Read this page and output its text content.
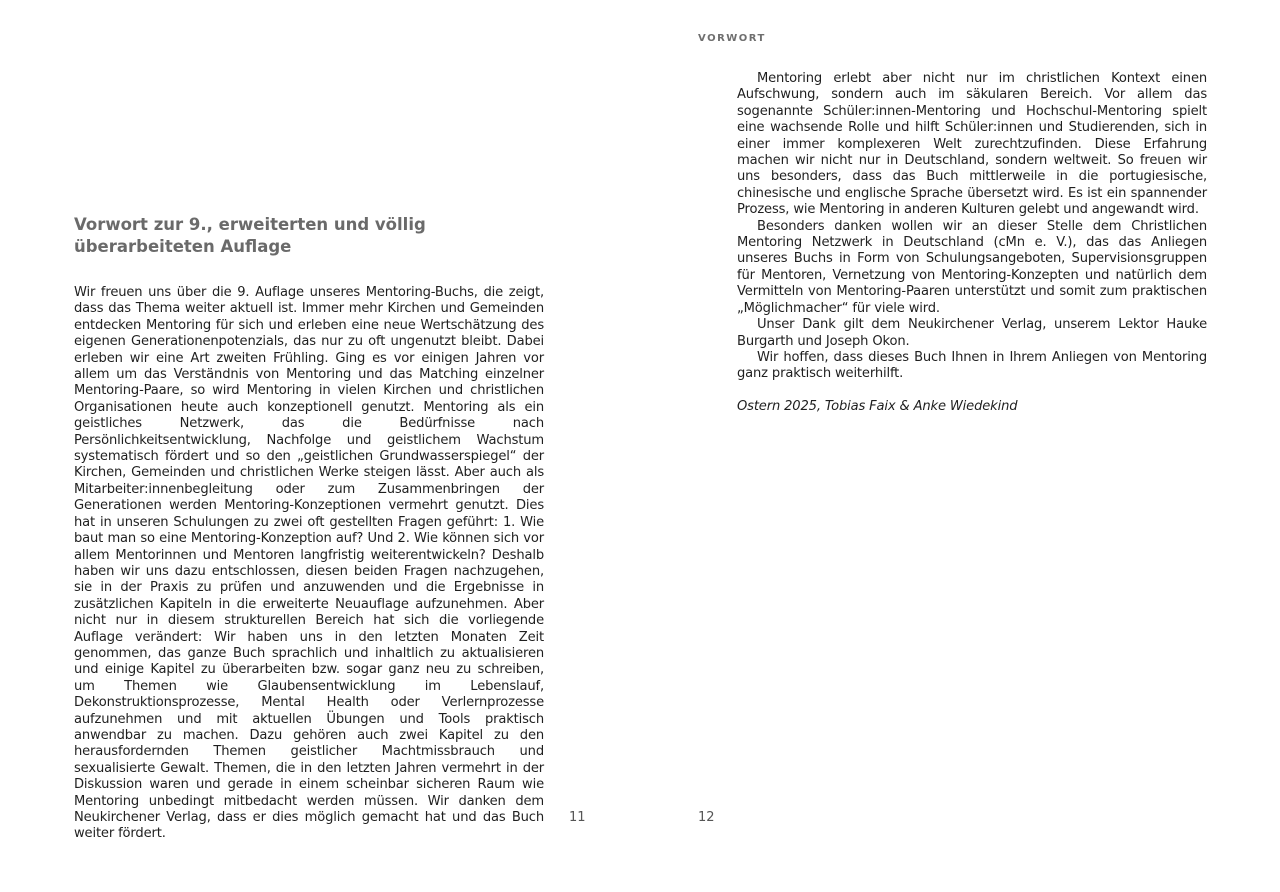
Vorwort zur 9., erweiterten und völlig überarbeiteten Auflage

Wir freuen uns über die 9. Auflage unseres Mentoring-Buchs, die zeigt, dass das Thema weiter aktuell ist. Immer mehr Kirchen und Gemeinden entdecken Mentoring für sich und erleben eine neue Wertschätzung des eigenen Generationenpotenzials, das nur zu oft ungenutzt bleibt. Dabei erleben wir eine Art zweiten Frühling. Ging es vor einigen Jahren vor allem um das Verständnis von Mentoring und das Matching einzelner Mentoring-Paare, so wird Mentoring in vielen Kirchen und christlichen Organisationen heute auch konzeptionell genutzt. Mentoring als ein geistliches Netzwerk, das die Bedürfnisse nach Persönlichkeitsentwicklung, Nachfolge und geistlichem Wachstum systematisch fördert und so den „geistlichen Grundwasserspiegel“ der Kirchen, Gemeinden und christlichen Werke steigen lässt. Aber auch als Mitarbeiter:innenbegleitung oder zum Zusammenbringen der Generationen werden Mentoring-Konzeptionen vermehrt genutzt. Dies hat in unseren Schulungen zu zwei oft gestellten Fragen geführt: 1. Wie baut man so eine Mentoring-Konzeption auf? Und 2. Wie können sich vor allem Mentorinnen und Mentoren langfristig weiterentwickeln? Deshalb haben wir uns dazu entschlossen, diesen beiden Fragen nachzugehen, sie in der Praxis zu prüfen und anzuwenden und die Ergebnisse in zusätzlichen Kapiteln in die erweiterte Neuauflage aufzunehmen. Aber nicht nur in diesem strukturellen Bereich hat sich die vorliegende Auflage verändert: Wir haben uns in den letzten Monaten Zeit genommen, das ganze Buch sprachlich und inhaltlich zu aktualisieren und einige Kapitel zu überarbeiten bzw. sogar ganz neu zu schreiben, um Themen wie Glaubensentwicklung im Lebenslauf, Dekonstruktionsprozesse, Mental Health oder Verlernprozesse aufzunehmen und mit aktuellen Übungen und Tools praktisch anwendbar zu machen. Dazu gehören auch zwei Kapitel zu den herausfordernden Themen geistlicher Machtmissbrauch und sexualisierte Gewalt. Themen, die in den letzten Jahren vermehrt in der Diskussion waren und gerade in einem scheinbar sicheren Raum wie Mentoring unbedingt mitbedacht werden müssen. Wir danken dem Neukirchener Verlag, dass er dies möglich gemacht hat und das Buch weiter fördert.

11
VORWORT

Mentoring erlebt aber nicht nur im christlichen Kontext einen Aufschwung, sondern auch im säkularen Bereich. Vor allem das sogenannte Schüler:innen-Mentoring und Hochschul-Mentoring spielt eine wachsende Rolle und hilft Schüler:innen und Studierenden, sich in einer immer komplexeren Welt zurechtzufinden. Diese Erfahrung machen wir nicht nur in Deutschland, sondern weltweit. So freuen wir uns besonders, dass das Buch mittlerweile in die portugiesische, chinesische und englische Sprache übersetzt wird. Es ist ein spannender Prozess, wie Mentoring in anderen Kulturen gelebt und angewandt wird.

Besonders danken wollen wir an dieser Stelle dem Christlichen Mentoring Netzwerk in Deutschland (cMn e. V.), das das Anliegen unseres Buchs in Form von Schulungsangeboten, Supervisionsgruppen für Mentoren, Vernetzung von Mentoring-Konzepten und natürlich dem Vermitteln von Mentoring-Paaren unterstützt und somit zum praktischen „Möglichmacher“ für viele wird.

Unser Dank gilt dem Neukirchener Verlag, unserem Lektor Hauke Burgarth und Joseph Okon.

Wir hoffen, dass dieses Buch Ihnen in Ihrem Anliegen von Mentoring ganz praktisch weiterhilft.

Ostern 2025, Tobias Faix & Anke Wiedekind

12
